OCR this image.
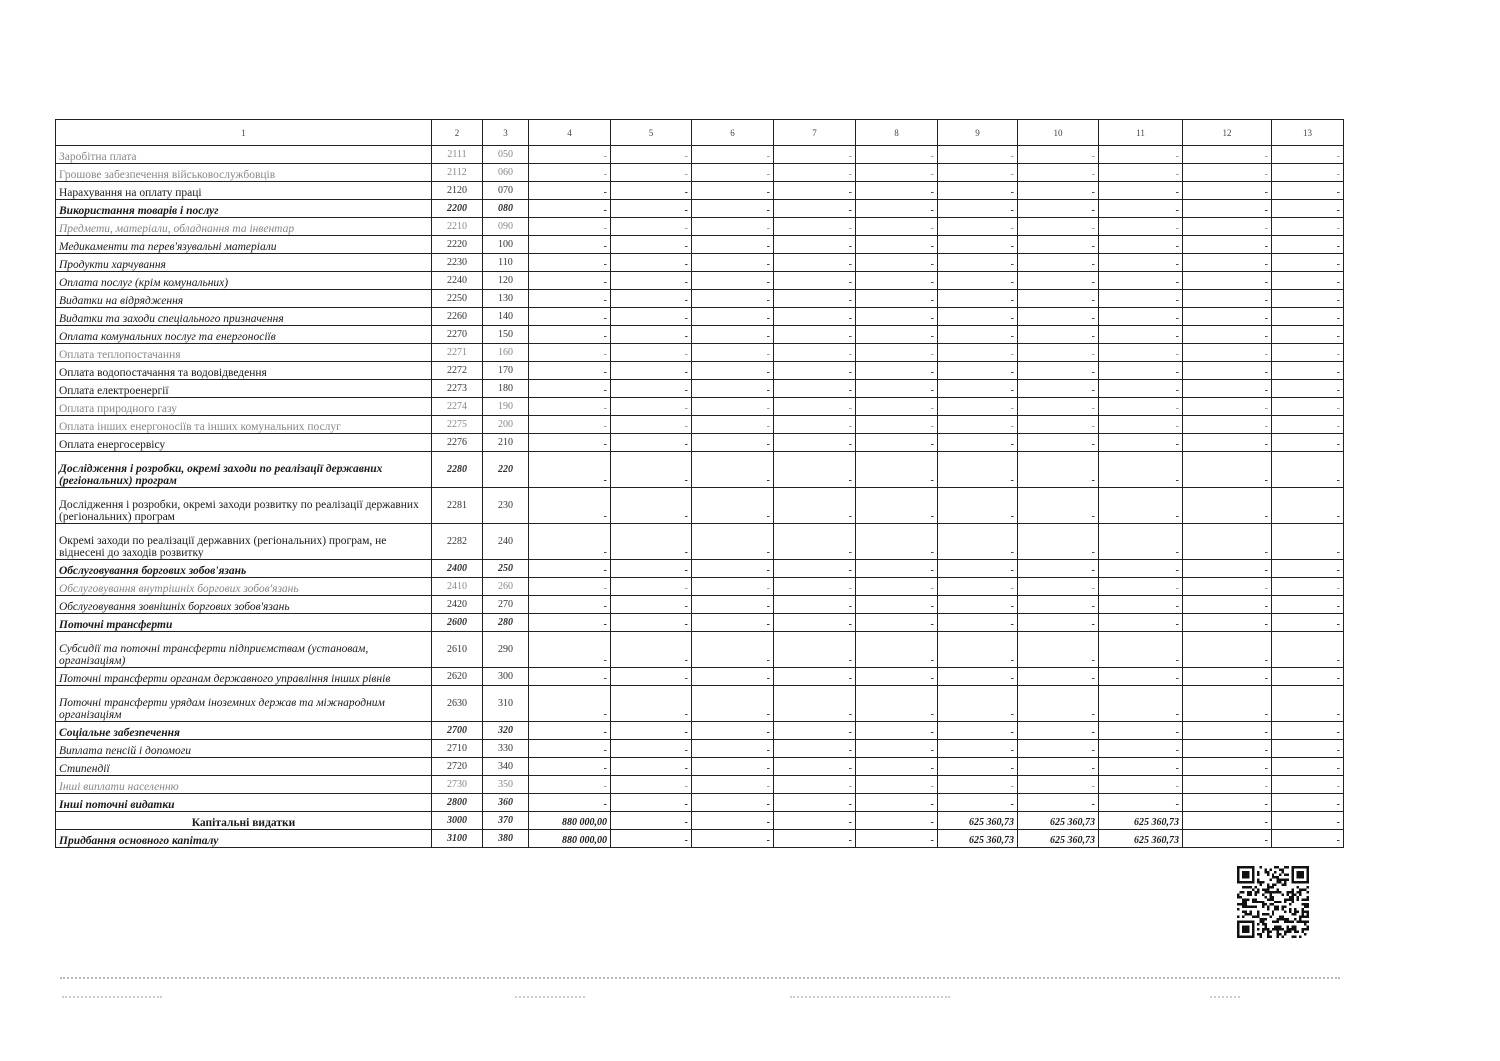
1	2	3	4	5	6	7	8	9	10	11	12	13
Заробітна плата	2111	050	-	-	-	-	-	-	-	-	-	-
Грошове забезпечення військовослужбовців	2112	060	-	-	-	-	-	-	-	-	-	-
Нарахування на оплату праці	2120	070	-	-	-	-	-	-	-	-	-	-
Використання товарів і послуг	2200	080	-	-	-	-	-	-	-	-	-	-
Предмети, матеріали, обладнання та інвентар	2210	090	-	-	-	-	-	-	-	-	-	-
Медикаменти та перев'язувальні матеріали	2220	100	-	-	-	-	-	-	-	-	-	-
Продукти харчування	2230	110	-	-	-	-	-	-	-	-	-	-
Оплата послуг (крім комунальних)	2240	120	-	-	-	-	-	-	-	-	-	-
Видатки на відрядження	2250	130	-	-	-	-	-	-	-	-	-	-
Видатки та заходи спеціального призначення	2260	140	-	-	-	-	-	-	-	-	-	-
Оплата комунальних послуг та енергоносіїв	2270	150	-	-	-	-	-	-	-	-	-	-
Оплата теплопостачання	2271	160	-	-	-	-	-	-	-	-	-	-
Оплата водопостачання та водовідведення	2272	170	-	-	-	-	-	-	-	-	-	-
Оплата електроенергії	2273	180	-	-	-	-	-	-	-	-	-	-
Оплата природного газу	2274	190	-	-	-	-	-	-	-	-	-	-
Оплата інших енергоносіїв та інших комунальних послуг	2275	200	-	-	-	-	-	-	-	-	-	-
Оплата енергосервісу	2276	210	-	-	-	-	-	-	-	-	-	-
Дослідження і розробки, окремі заходи по реалізації державних (регіональних) програм	2280	220	-	-	-	-	-	-	-	-	-	-
Дослідження і розробки, окремі заходи розвитку по реалізації державних (регіональних) програм	2281	230	-	-	-	-	-	-	-	-	-	-
Окремі заходи по реалізації державних (регіональних) програм, не віднесені до заходів розвитку	2282	240	-	-	-	-	-	-	-	-	-	-
Обслуговування боргових зобов'язань	2400	250	-	-	-	-	-	-	-	-	-	-
Обслуговування внутрішніх боргових зобов'язань	2410	260	-	-	-	-	-	-	-	-	-	-
Обслуговування зовнішніх боргових зобов'язань	2420	270	-	-	-	-	-	-	-	-	-	-
Поточні трансферти	2600	280	-	-	-	-	-	-	-	-	-	-
Субсидії та поточні трансферти підприємствам (установам, організаціям)	2610	290	-	-	-	-	-	-	-	-	-	-
Поточні трансферти органам державного управління інших рівнів	2620	300	-	-	-	-	-	-	-	-	-	-
Поточні трансферти урядам іноземних держав та міжнародним організаціям	2630	310	-	-	-	-	-	-	-	-	-	-
Соціальне забезпечення	2700	320	-	-	-	-	-	-	-	-	-	-
Виплата пенсій і допомоги	2710	330	-	-	-	-	-	-	-	-	-	-
Стипендії	2720	340	-	-	-	-	-	-	-	-	-	-
Інші виплати населенню	2730	350	-	-	-	-	-	-	-	-	-	-
Інші поточні видатки	2800	360	-	-	-	-	-	-	-	-	-	-
Капітальні видатки	3000	370	880 000,00	-	-	-	-	625 360,73	625 360,73	625 360,73	-	-
Придбання основного капіталу	3100	380	880 000,00	-	-	-	-	625 360,73	625 360,73	625 360,73	-	-
